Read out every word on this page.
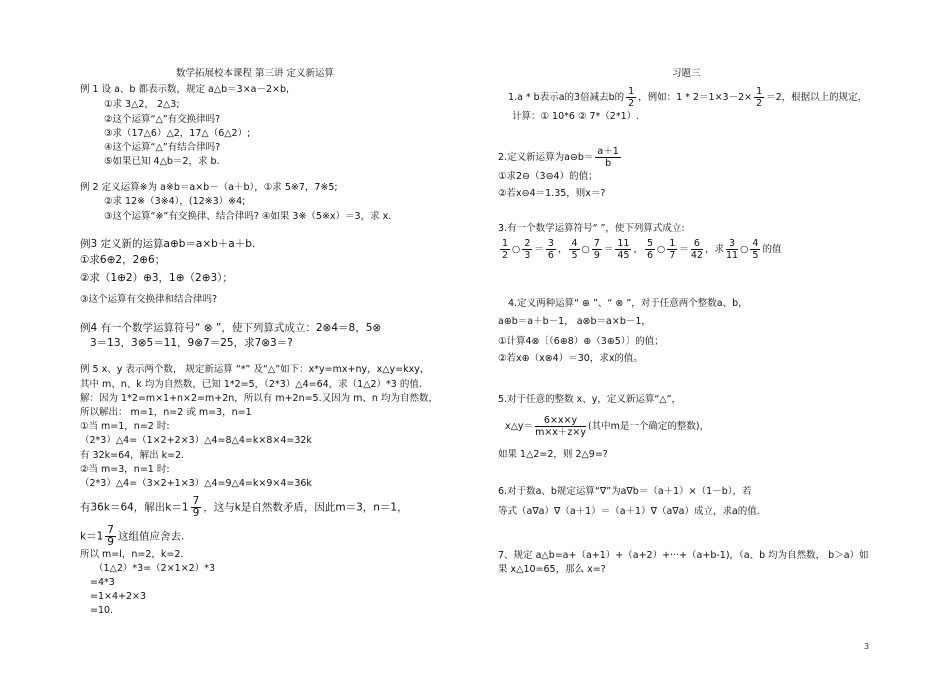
数学拓展校本课程 第三讲 定义新运算	习题三
例 1 设 a、b 都表示数，规定 a△b＝3×a－2×b,
①求 3△2， 2△3;
②这个运算“△”有交换律吗?
③求（17△6）△2，17△（6△2）;
④这个运算“△”有结合律吗?
⑤如果已知 4△b＝2，求 b.
例 2 定义运算※为 a※b＝a×b－（a＋b），①求 5※7，7※5;
②求 12※（3※4），(12※3）※4;
③这个运算“※”有交换律、结合律吗? ④如果 3※（5※x）＝3，求 x.
例3 定义新的运算a⊕b＝a×b＋a＋b.
①求6⊕2，2⊕6；
②求（1⊕2）⊕3，1⊕（2⊕3）；
③这个运算有交换律和结合律吗?
例4 有一个数学运算符号“ ⊗ ”，使下列算式成立：2⊗4＝8，5⊗
3＝13，3⊗5＝11，9⊗7＝25，求7⊗3＝?
例 5 x、y 表示两个数， 规定新运算 “*” 及“△”如下：x*y=mx+ny，x△y=kxy，
其中 m、n、k 均为自然数，已知 1*2=5，（2*3）△4=64，求（1△2）*3 的值.
解：因为 1*2=m×1+n×2=m+2n，所以有 m+2n=5.又因为 m、n 均为自然数，
所以解出： m=1，n=2 或 m=3，n=1
①当 m=1，n=2 时:
（2*3）△4=（1×2+2×3）△4=8△4=k×8×4=32k
有 32k=64，解出 k=2.
②当 m=3，n=1 时:
（2*3）△4=（3×2+1×3）△4=9△4=k×9×4=36k
有36k＝64，解出$k=1 \frac{7}{9}$ ，这与k是自然数矛盾，因此m＝3，n＝1，
$k=1 \frac{7}{9}$ 这组值应舍去.
所以 m=l，n=2，k=2.
（1△2）*3=（2×1×2）*3
=4*3
=1×4+2×3
=10.
1.a * b表示a的3倍减去b的 $\frac{1}{2}$ ，例如：$1 * 2=1\times 3-2\times \frac{1}{2} =2$，根据以上的规定，
计算：① 10*6 ② 7*（2*1）.
2.定义新运算为a⊖b＝ $\frac{a+1}{b}$
①求2⊖（3⊖4）的值；
②若x⊖4＝1.35，则x＝?
3.有一个数学运算符号“ ”，使下列算式成立:
$\frac{1}{2}$ ○ $\frac{2}{3} = \frac{3}{6}$ ， $\frac{4}{5}$ ○ $\frac{7}{9} = \frac{11}{45}$ ， $\frac{5}{6}$ ○ $\frac{1}{7} = \frac{6}{42}$ ，求 $\frac{3}{11}$ ○ $\frac{4}{5}$ 的值
4.定义两种运算“ ⊕ ”、“ ⊗ ”，对于任意两个整数a、b，
a⊕b＝a＋b－1， a⊗b＝a×b－1，
①计算4⊗〔（6⊕8）⊕（3⊕5）〕的值；
②若x⊕（x⊗4）＝30，求x的值。
5.对于任意的整数 x、y，定义新运算“△”，
x△y＝ $\frac{6\times x\times y}{m\times x+z\times y}$ (其中m是一个确定的整数)，
如果 1△2=2，则 2△9=?
6.对于数a、b规定运算“∇”为a∇b＝（a＋1）×（1－b），若
等式（a∇a）∇（a＋1）＝（a＋1）∇（a∇a）成立，求a的值.
7、规定 a△b=a+（a+1）+（a+2）+···+（a+b-1)，（a、b 均为自然数， b＞a）如
果 x△10=65，那么 x=?
3
